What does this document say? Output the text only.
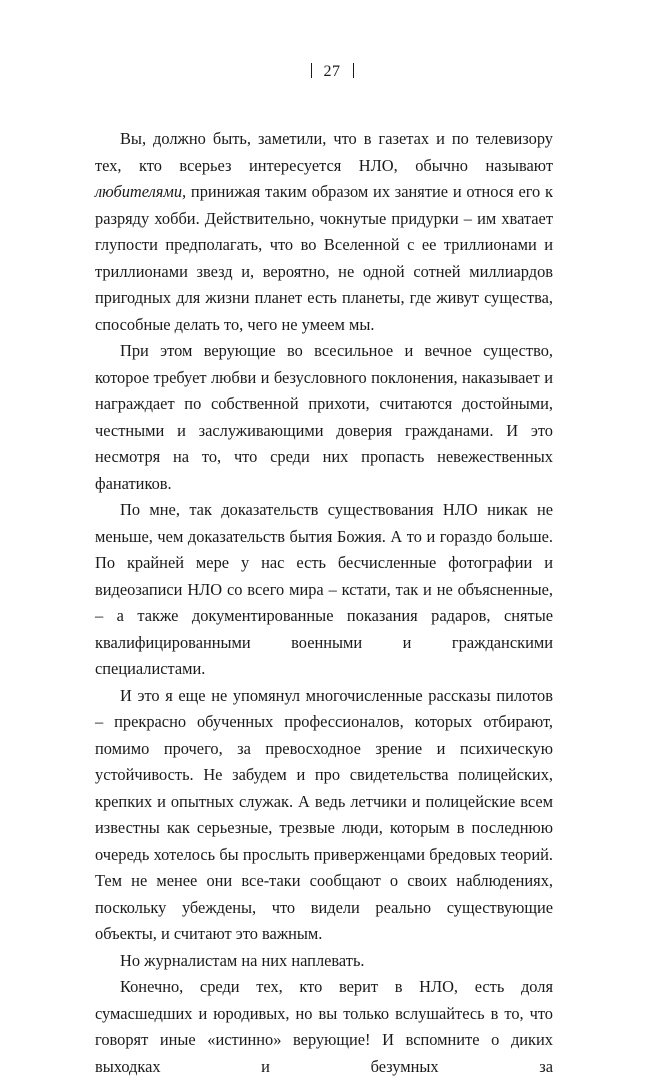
27

Вы, должно быть, заметили, что в газетах и по телевизору тех, кто всерьез интересуется НЛО, обычно называют любителями, принижая таким образом их занятие и относя его к разряду хобби. Действительно, чокнутые придурки – им хватает глупости предполагать, что во Вселенной с ее триллионами и триллионами звезд и, вероятно, не одной сотней миллиардов пригодных для жизни планет есть планеты, где живут существа, способные делать то, чего не умеем мы.

При этом верующие во всесильное и вечное существо, которое требует любви и безусловного поклонения, наказывает и награждает по собственной прихоти, считаются достойными, честными и заслуживающими доверия гражданами. И это несмотря на то, что среди них пропасть невежественных фанатиков.

По мне, так доказательств существования НЛО никак не меньше, чем доказательств бытия Божия. А то и гораздо больше. По крайней мере у нас есть бесчисленные фотографии и видеозаписи НЛО со всего мира – кстати, так и не объясненные, – а также документированные показания радаров, снятые квалифицированными военными и гражданскими специалистами.

И это я еще не упомянул многочисленные рассказы пилотов – прекрасно обученных профессионалов, которых отбирают, помимо прочего, за превосходное зрение и психическую устойчивость. Не забудем и про свидетельства полицейских, крепких и опытных служак. А ведь летчики и полицейские всем известны как серьезные, трезвые люди, которым в последнюю очередь хотелось бы прослыть приверженцами бредовых теорий. Тем не менее они все-таки сообщают о своих наблюдениях, поскольку убеждены, что видели реально существующие объекты, и считают это важным.

Но журналистам на них наплевать.

Конечно, среди тех, кто верит в НЛО, есть доля сумасшедших и юродивых, но вы только вслушайтесь в то, что говорят иные «истинно» верующие! И вспомните о диких выходках и безумных за
